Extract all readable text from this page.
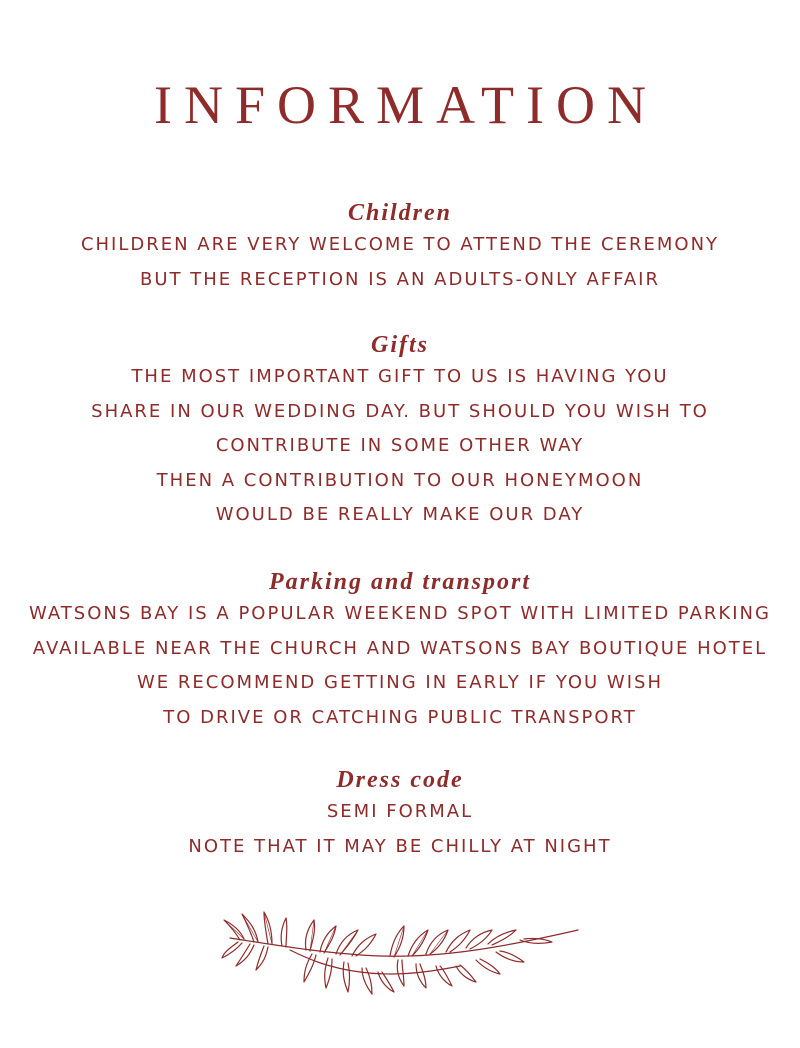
INFORMATION
Children
CHILDREN ARE VERY WELCOME TO ATTEND THE CEREMONY
BUT THE RECEPTION IS AN ADULTS-ONLY AFFAIR
Gifts
THE MOST IMPORTANT GIFT TO US IS HAVING YOU
SHARE IN OUR WEDDING DAY. BUT SHOULD YOU WISH TO
CONTRIBUTE IN SOME OTHER WAY
THEN A CONTRIBUTION TO OUR HONEYMOON
WOULD BE REALLY MAKE OUR DAY
Parking and transport
WATSONS BAY IS A POPULAR WEEKEND SPOT WITH LIMITED PARKING
AVAILABLE NEAR THE CHURCH AND WATSONS BAY BOUTIQUE HOTEL
WE RECOMMEND GETTING IN EARLY IF YOU WISH
TO DRIVE OR CATCHING PUBLIC TRANSPORT
Dress code
SEMI FORMAL
NOTE THAT IT MAY BE CHILLY AT NIGHT
